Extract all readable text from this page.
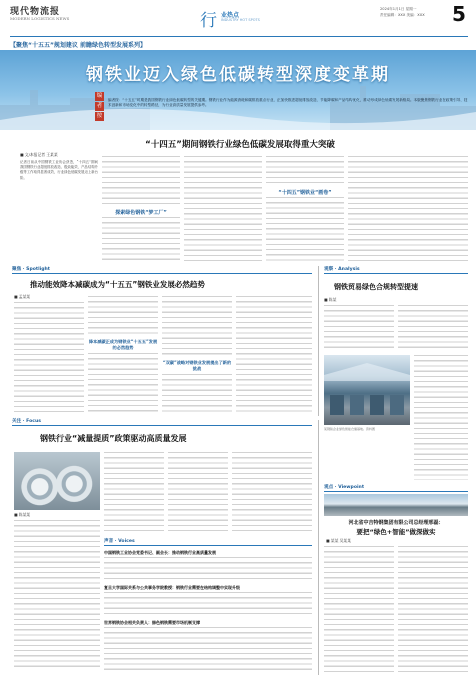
现代物流报
MODERN LOGISTICS NEWS	行 业热点
INDUSTRY HOT SPOTS
2024年1月1日 星期一
责任编辑：XXX 美编：XXX 5
【聚焦“十五五”规划建议 前瞻绿色转型发展系列】
钢铁业迈入绿色低碳转型深度变革期
编
者
按
编者按：“十五五”时期是我国钢铁行业绿色低碳转型的关键期。钢铁行业作为能源消耗和碳排放重点行业，正加快推进超低排放改造、节能降碳和产品结构优化，推动形成绿色低碳发展新格局。本版聚焦钢铁行业在政策引导、技术创新和市场变化中的转型路径，为行业高质量发展提供参考。
“十四五”期间钢铁行业绿色低碳发展取得重大突破
■ 文/本报记者 王某某
记者日前从中国钢铁工业协会获悉，“十四五”期间我国钢铁行业超低排放改造、极致能效、产品结构升级等工作取得显著成效，行业绿色低碳发展迈上新台阶。
探索绿色钢铁“梦工厂”
“十四五”钢铁业“画卷”
聚焦 · Spotlight
推动能效降本减碳成为“十五五”钢铁业发展必然趋势
■ 孟某某
降本减碳正成为钢铁业“十五五”发展的必然趋势
“双碳”战略对钢铁业发展提出了新的挑战
观察 · Analysis
钢铁贸易绿色合规转型提速
■ 陈某
某钢铁企业绿色智能仓储基地。资料图
关注 · Focus
钢铁行业“减量提质”政策驱动高质量发展
■ 陈某某
声音 · Voices
中国钢铁工业协会党委书记、副会长：推动钢铁行业高质量发展
复旦大学国际关系与公共事务学院教授：钢铁行业需要在结构调整中实现升级
世界钢铁协会相关负责人：绿色钢铁需要市场机制支撑
观点 · Viewpoint
河北省中吉特钢集团有限公司总经理邢磊：
要把“绿色+智能”做深做实
■ 某某 吴某某
